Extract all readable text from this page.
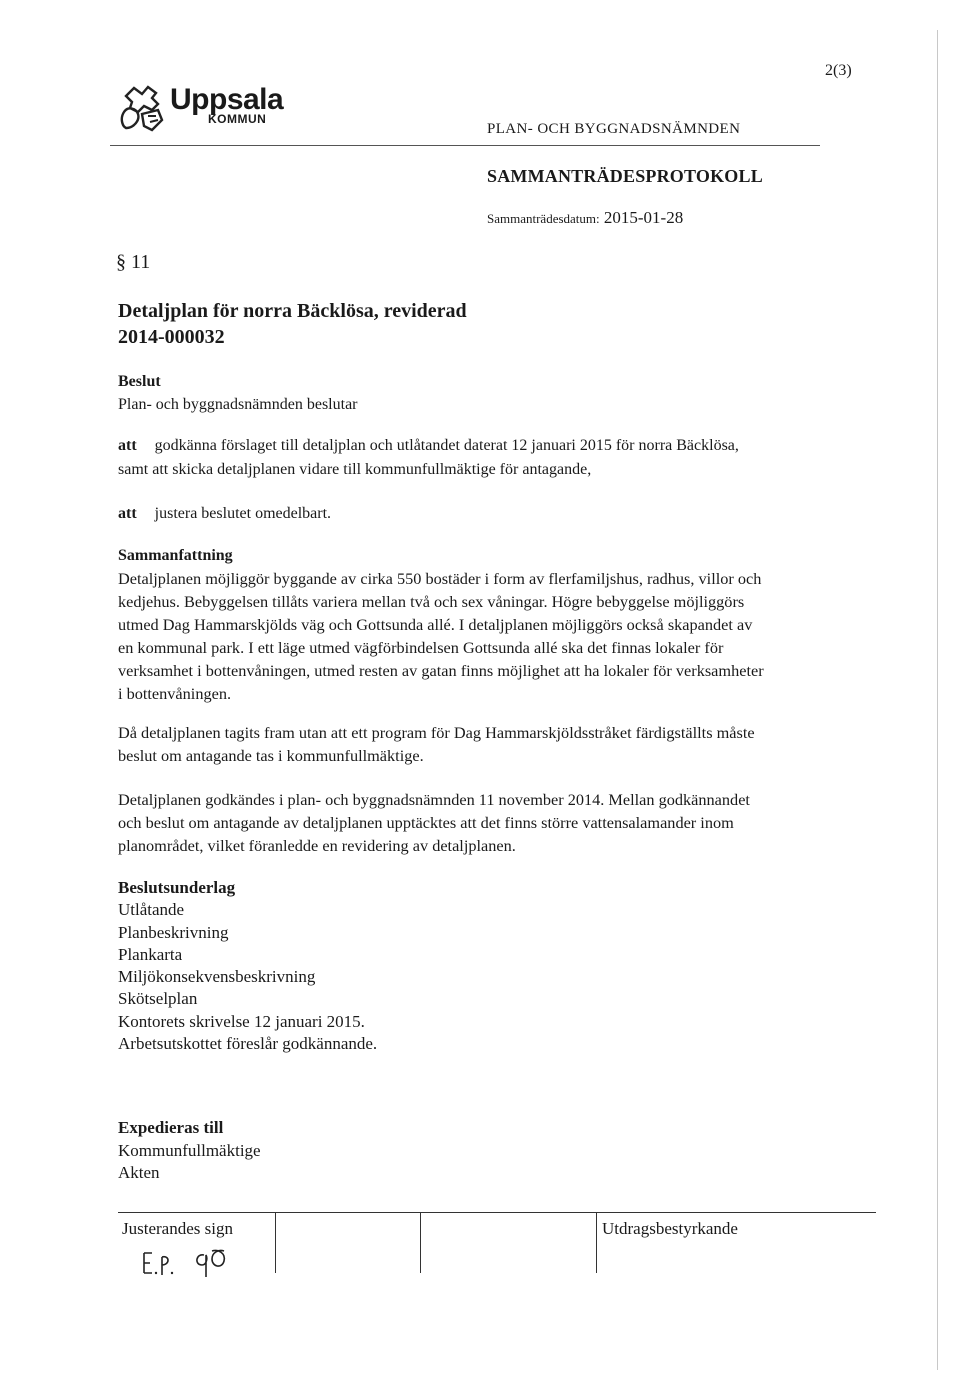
2(3)
Uppsala
KOMMUN
PLAN- OCH BYGGNADSNÄMNDEN
SAMMANTRÄDESPROTOKOLL
Sammanträdesdatum: 2015-01-28
§ 11
Detaljplan för norra Bäcklösa, reviderad
2014-000032
Beslut
Plan- och byggnadsnämnden beslutar
att godkänna förslaget till detaljplan och utlåtandet daterat 12 januari 2015 för norra Bäcklösa,
samt att skicka detaljplanen vidare till kommunfullmäktige för antagande,
att justera beslutet omedelbart.
Sammanfattning
Detaljplanen möjliggör byggande av cirka 550 bostäder i form av flerfamiljshus, radhus, villor och
kedjehus. Bebyggelsen tillåts variera mellan två och sex våningar. Högre bebyggelse möjliggörs
utmed Dag Hammarskjölds väg och Gottsunda allé. I detaljplanen möjliggörs också skapandet av
en kommunal park. I ett läge utmed vägförbindelsen Gottsunda allé ska det finnas lokaler för
verksamhet i bottenvåningen, utmed resten av gatan finns möjlighet att ha lokaler för verksamheter
i bottenvåningen.
Då detaljplanen tagits fram utan att ett program för Dag Hammarskjöldsstråket färdigställts måste
beslut om antagande tas i kommunfullmäktige.
Detaljplanen godkändes i plan- och byggnadsnämnden 11 november 2014. Mellan godkännandet
och beslut om antagande av detaljplanen upptäcktes att det finns större vattensalamander inom
planområdet, vilket föranledde en revidering av detaljplanen.
Beslutsunderlag
Utlåtande
Planbeskrivning
Plankarta
Miljökonsekvensbeskrivning
Skötselplan
Kontorets skrivelse 12 januari 2015.
Arbetsutskottet föreslår godkännande.
Expedieras till
Kommunfullmäktige
Akten
Justerandes sign	Utdragsbestyrkande
